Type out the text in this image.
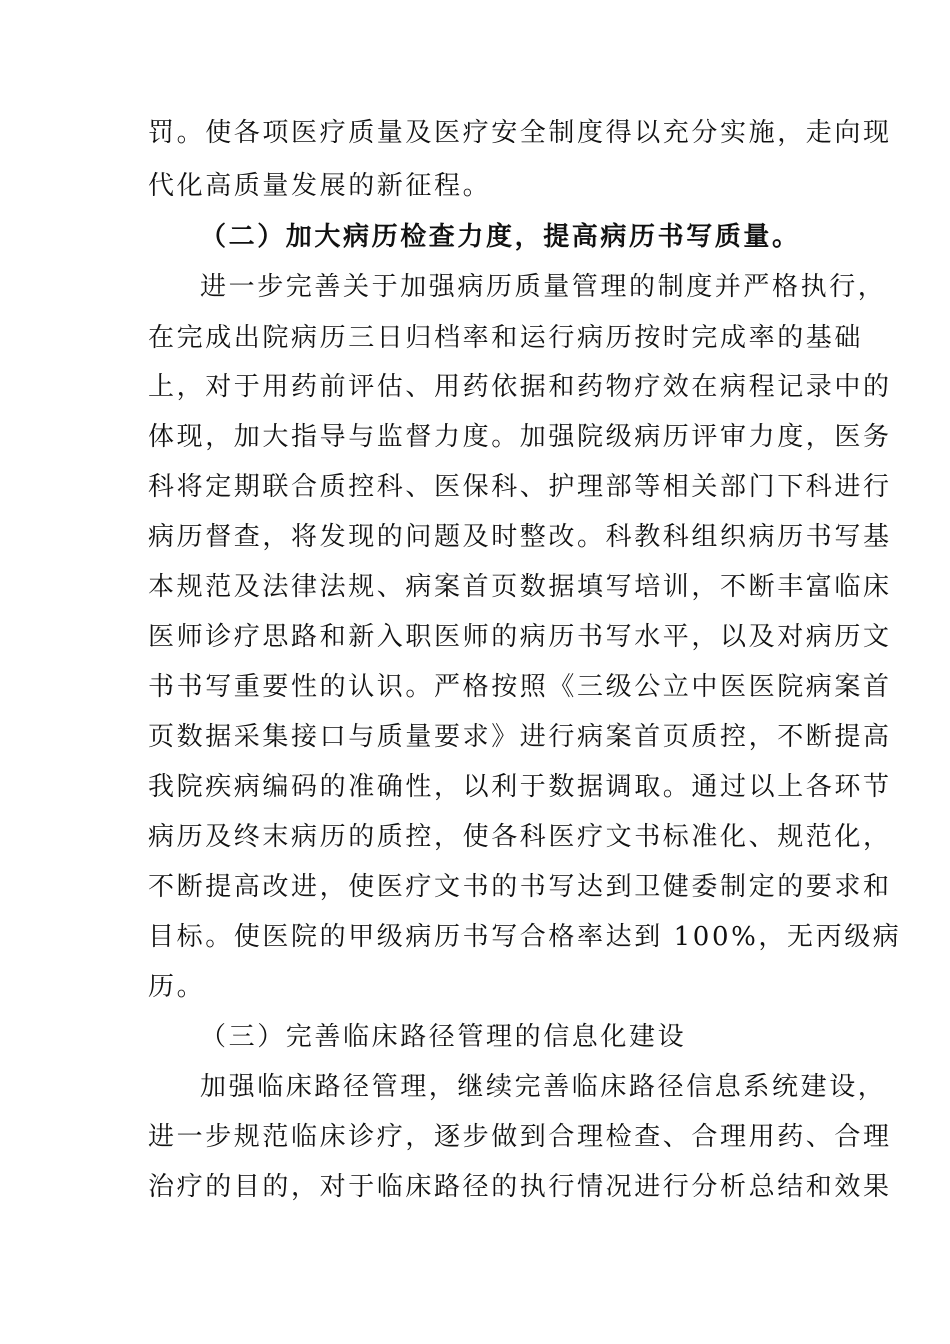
罚。使各项医疗质量及医疗安全制度得以充分实施，走向现
代化高质量发展的新征程。
（二）加大病历检查力度，提高病历书写质量。
进一步完善关于加强病历质量管理的制度并严格执行，
在完成出院病历三日归档率和运行病历按时完成率的基础
上，对于用药前评估、用药依据和药物疗效在病程记录中的
体现，加大指导与监督力度。加强院级病历评审力度，医务
科将定期联合质控科、医保科、护理部等相关部门下科进行
病历督查，将发现的问题及时整改。科教科组织病历书写基
本规范及法律法规、病案首页数据填写培训，不断丰富临床
医师诊疗思路和新入职医师的病历书写水平，以及对病历文
书书写重要性的认识。严格按照《三级公立中医医院病案首
页数据采集接口与质量要求》进行病案首页质控，不断提高
我院疾病编码的准确性，以利于数据调取。通过以上各环节
病历及终末病历的质控，使各科医疗文书标准化、规范化，
不断提高改进，使医疗文书的书写达到卫健委制定的要求和
目标。使医院的甲级病历书写合格率达到 100%，无丙级病
历。
（三）完善临床路径管理的信息化建设
加强临床路径管理，继续完善临床路径信息系统建设，
进一步规范临床诊疗，逐步做到合理检查、合理用药、合理
治疗的目的，对于临床路径的执行情况进行分析总结和效果
